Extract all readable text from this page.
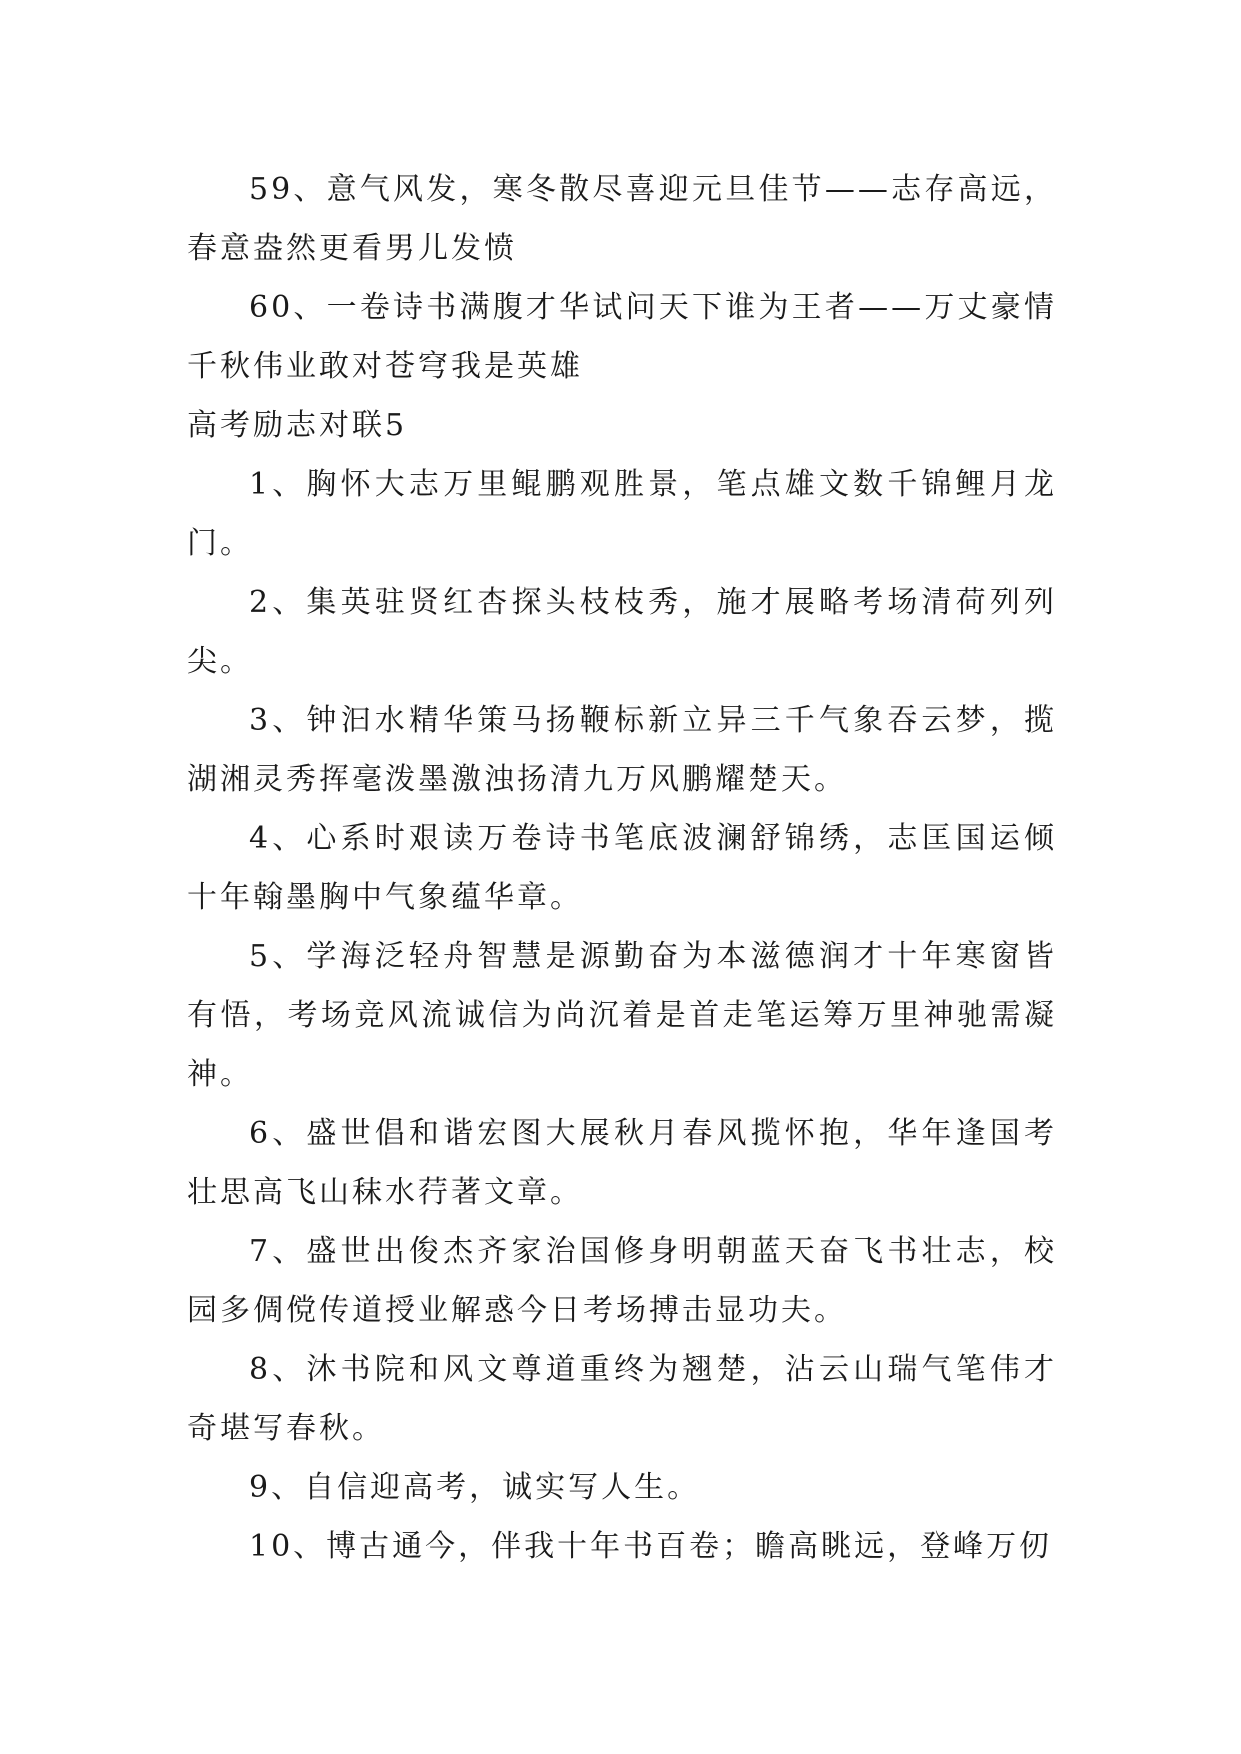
59、意气风发，寒冬散尽喜迎元旦佳节——志存高远，春意盎然更看男儿发愤

60、一卷诗书满腹才华试问天下谁为王者——万丈豪情千秋伟业敢对苍穹我是英雄

高考励志对联5

1、胸怀大志万里鲲鹏观胜景，笔点雄文数千锦鲤月龙门。

2、集英驻贤红杏探头枝枝秀，施才展略考场清荷列列尖。

3、钟汩水精华策马扬鞭标新立异三千气象吞云梦，揽湖湘灵秀挥毫泼墨激浊扬清九万风鹏耀楚天。

4、心系时艰读万卷诗书笔底波澜舒锦绣，志匡国运倾十年翰墨胸中气象蕴华章。

5、学海泛轻舟智慧是源勤奋为本滋德润才十年寒窗皆有悟，考场竞风流诚信为尚沉着是首走笔运筹万里神驰需凝神。

6、盛世倡和谐宏图大展秋月春风揽怀抱，华年逢国考壮思高飞山秣水荇著文章。

7、盛世出俊杰齐家治国修身明朝蓝天奋飞书壮志，校园多倜傥传道授业解惑今日考场搏击显功夫。

8、沐书院和风文尊道重终为翘楚，沾云山瑞气笔伟才奇堪写春秋。

9、自信迎高考，诚实写人生。

10、博古通今，伴我十年书百卷；瞻高眺远，登峰万仞
